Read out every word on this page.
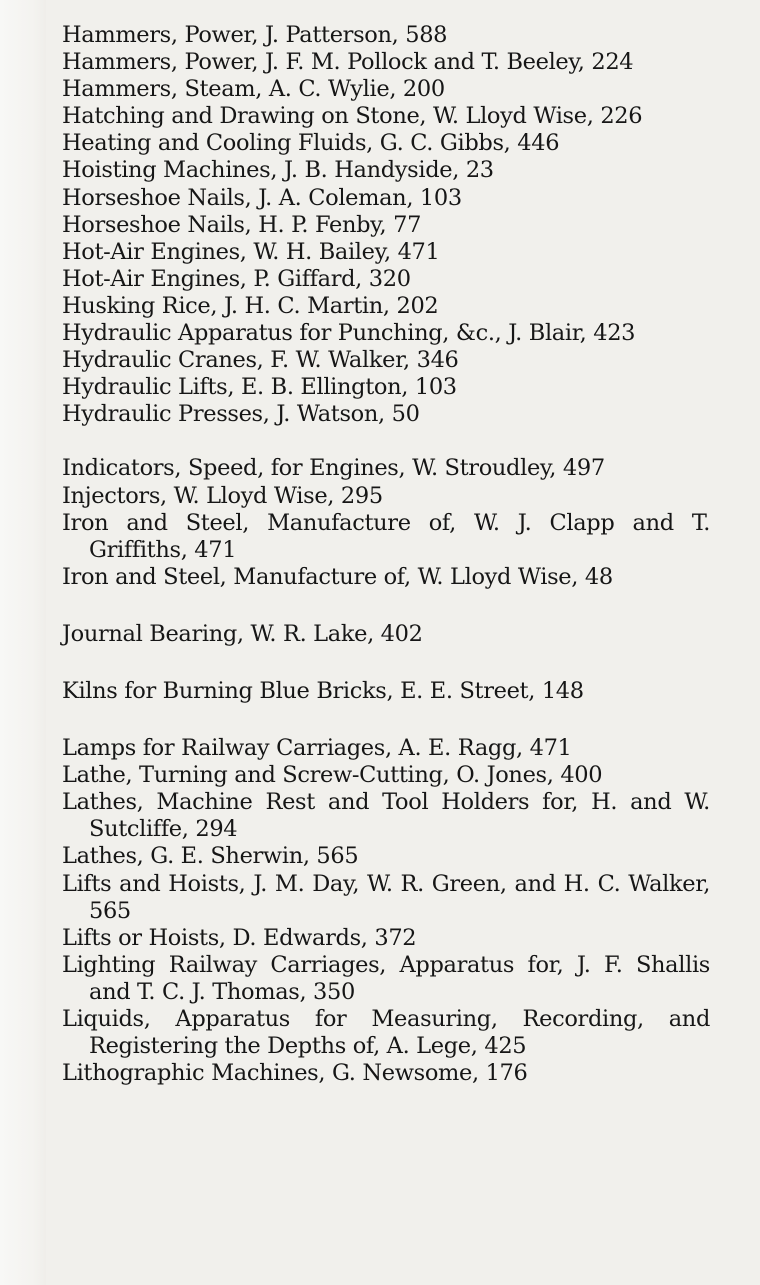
Hammers, Power, J. Patterson, 588

Hammers, Power, J. F. M. Pollock and T. Beeley, 224

Hammers, Steam, A. C. Wylie, 200

Hatching and Drawing on Stone, W. Lloyd Wise, 226

Heating and Cooling Fluids, G. C. Gibbs, 446

Hoisting Machines, J. B. Handyside, 23

Horseshoe Nails, J. A. Coleman, 103

Horseshoe Nails, H. P. Fenby, 77

Hot-Air Engines, W. H. Bailey, 471

Hot-Air Engines, P. Giffard, 320

Husking Rice, J. H. C. Martin, 202

Hydraulic Apparatus for Punching, &c., J. Blair, 423

Hydraulic Cranes, F. W. Walker, 346

Hydraulic Lifts, E. B. Ellington, 103

Hydraulic Presses, J. Watson, 50

Indicators, Speed, for Engines, W. Stroudley, 497

Injectors, W. Lloyd Wise, 295

Iron and Steel, Manufacture of, W. J. Clapp and T. Griffiths, 471

Iron and Steel, Manufacture of, W. Lloyd Wise, 48

Journal Bearing, W. R. Lake, 402

Kilns for Burning Blue Bricks, E. E. Street, 148

Lamps for Railway Carriages, A. E. Ragg, 471

Lathe, Turning and Screw-Cutting, O. Jones, 400

Lathes, Machine Rest and Tool Holders for, H. and W. Sutcliffe, 294

Lathes, G. E. Sherwin, 565

Lifts and Hoists, J. M. Day, W. R. Green, and H. C. Walker, 565

Lifts or Hoists, D. Edwards, 372

Lighting Railway Carriages, Apparatus for, J. F. Shallis and T. C. J. Thomas, 350

Liquids, Apparatus for Measuring, Recording, and Registering the Depths of, A. Lege, 425

Lithographic Machines, G. Newsome, 176
